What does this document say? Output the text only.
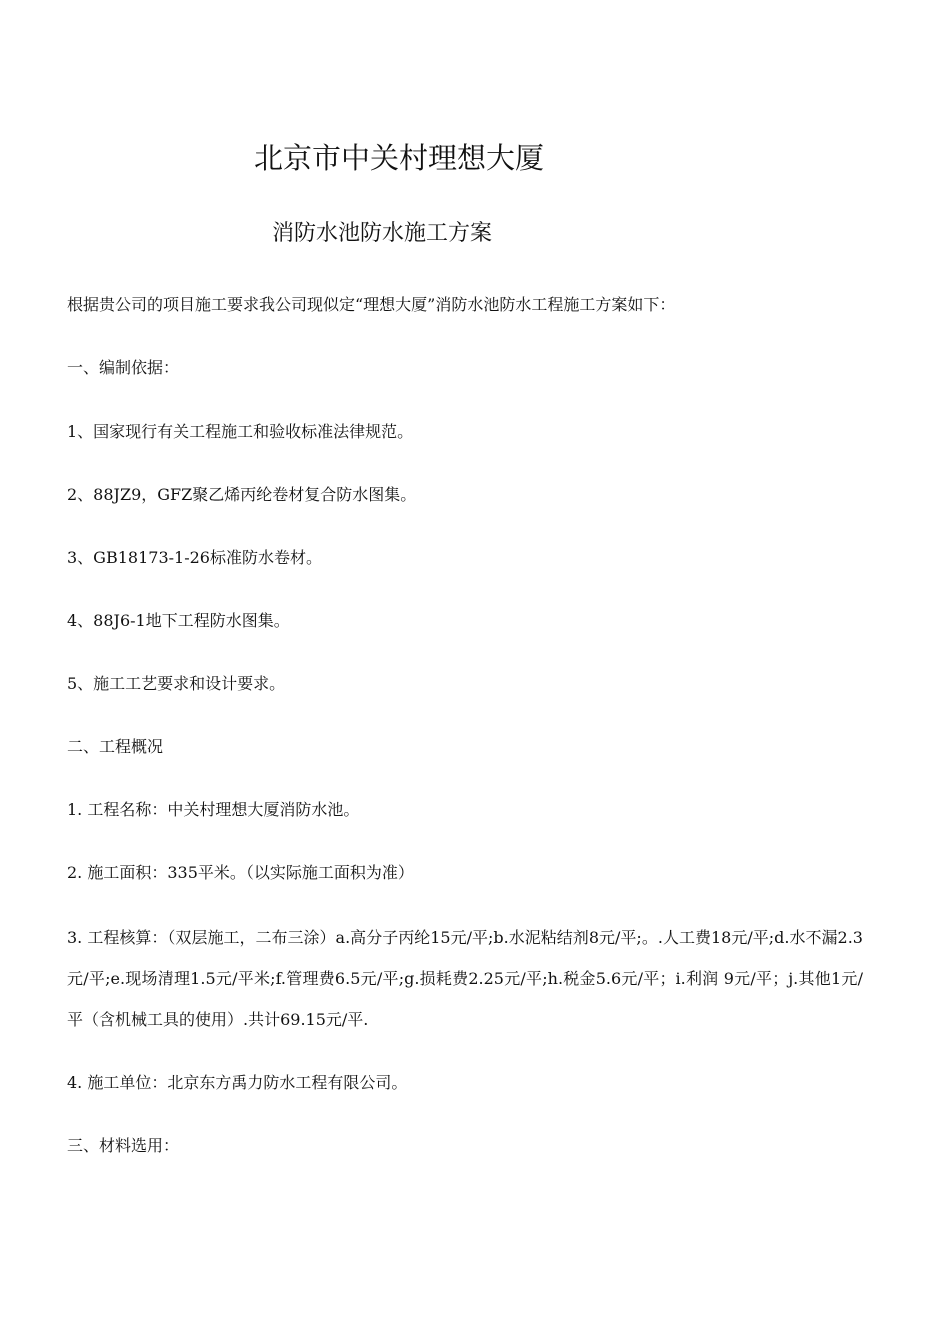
北京市中关村理想大厦
消防水池防水施工方案
根据贵公司的项目施工要求我公司现似定“理想大厦”消防水池防水工程施工方案如下：
一、编制依据：
1、国家现行有关工程施工和验收标准法律规范。
2、88JZ9，GFZ聚乙烯丙纶卷材复合防水图集。
3、GB18173-1-26标准防水卷材。
4、88J6-1地下工程防水图集。
5、施工工艺要求和设计要求。
二、工程概况
1. 工程名称：中关村理想大厦消防水池。
2. 施工面积：335平米。（以实际施工面积为准）
3. 工程核算：（双层施工，二布三涂）a.高分子丙纶15元/平;b.水泥粘结剂8元/平;。.人工费18元/平;d.水不漏2.3元/平;e.现场清理1.5元/平米;f.管理费6.5元/平;g.损耗费2.25元/平;h.税金5.6元/平；i.利润 9元/平；j.其他1元/平（含机械工具的使用）.共计69.15元/平.
4. 施工单位：北京东方禹力防水工程有限公司。
三、材料选用：
